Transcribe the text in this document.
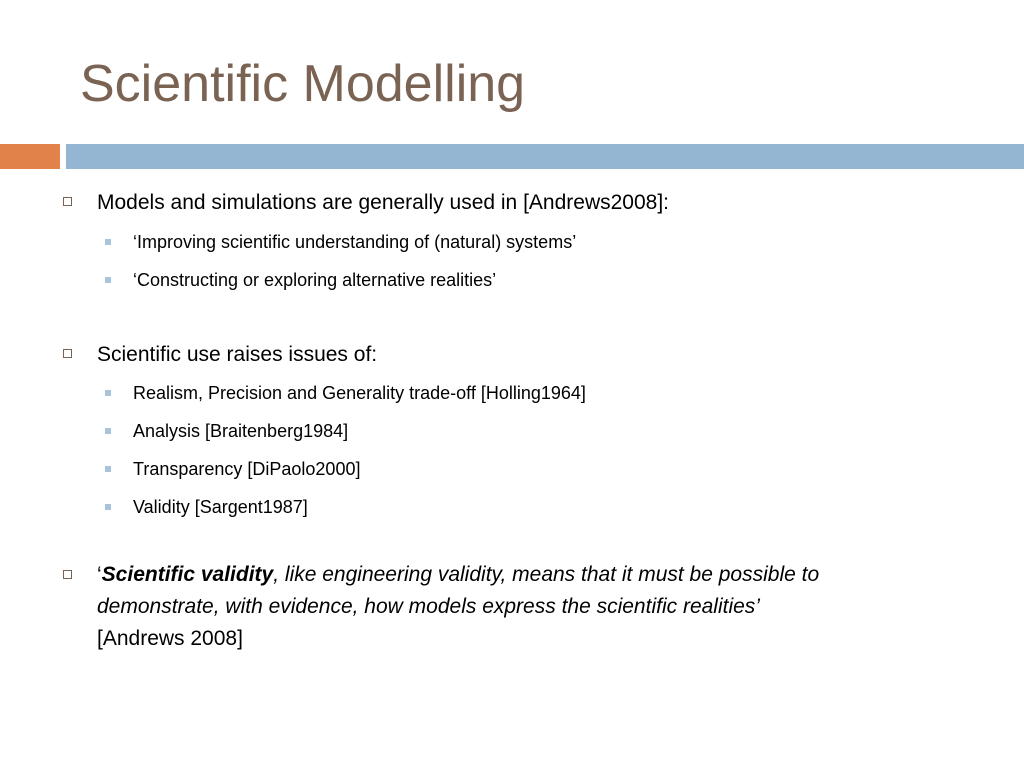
Scientific Modelling
Models and simulations are generally used in [Andrews2008]:
‘Improving scientific understanding of (natural) systems’
‘Constructing or exploring alternative realities’
Scientific use raises issues of:
Realism, Precision and Generality trade-off [Holling1964]
Analysis [Braitenberg1984]
Transparency [DiPaolo2000]
Validity [Sargent1987]
‘Scientific validity, like engineering validity, means that it must be possible to
demonstrate, with evidence, how models express the scientific realities’
[Andrews 2008]
